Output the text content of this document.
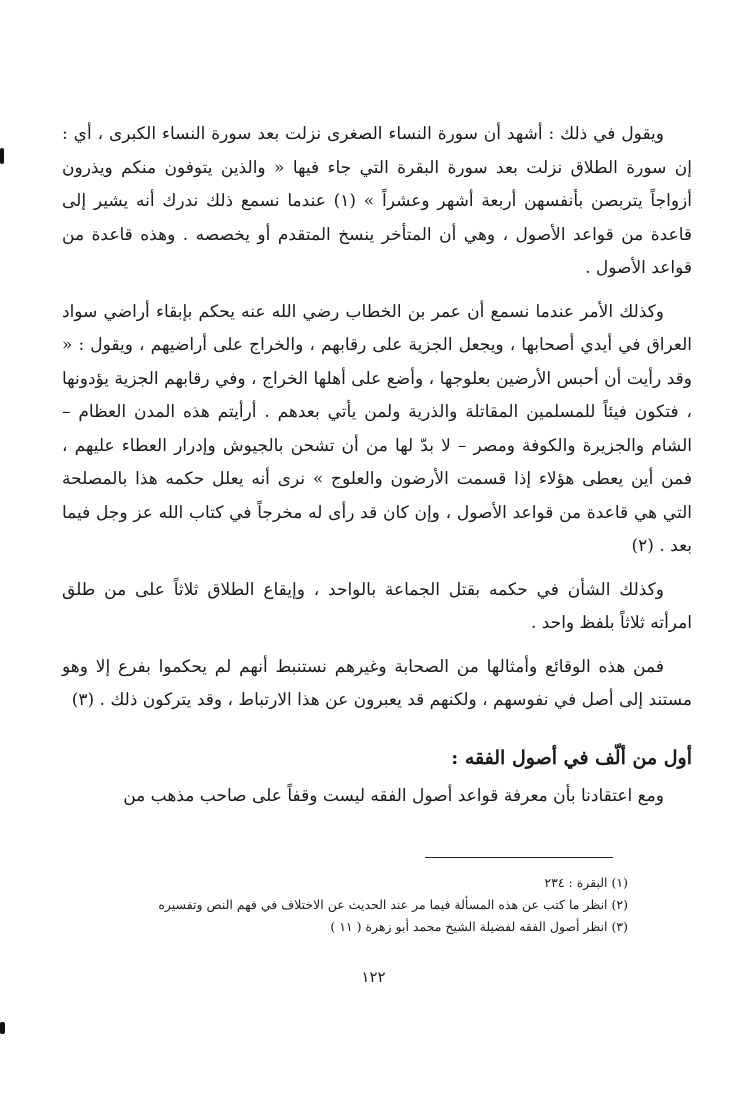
ويقول في ذلك : أشهد أن سورة النساء الصغرى نزلت بعد سورة النساء الكبرى ، أي : إن سورة الطلاق نزلت بعد سورة البقرة التي جاء فيها « والذين يتوفون منكم ويذرون أزواجاً يتربصن بأنفسهن أربعة أشهر وعشراً » (١) عندما نسمع ذلك ندرك أنه يشير إلى قاعدة من قواعد الأصول ، وهي أن المتأخر ينسخ المتقدم أو يخصصه . وهذه قاعدة من قواعد الأصول .

وكذلك الأمر عندما نسمع أن عمر بن الخطاب رضي الله عنه يحكم بإبقاء أراضي سواد العراق في أيدي أصحابها ، ويجعل الجزية على رقابهم ، والخراج على أراضيهم ، ويقول : « وقد رأيت أن أحبس الأرضين بعلوجها ، وأضع على أهلها الخراج ، وفي رقابهم الجزية يؤدونها ، فتكون فيئاً للمسلمين المقاتلة والذرية ولمن يأتي بعدهم . أرأيتم هذه المدن العظام – الشام والجزيرة والكوفة ومصر – لا بدّ لها من أن تشحن بالجيوش وإدرار العطاء عليهم ، فمن أين يعطى هؤلاء إذا قسمت الأرضون والعلوج » نرى أنه يعلل حكمه هذا بالمصلحة التي هي قاعدة من قواعد الأصول ، وإن كان قد رأى له مخرجاً في كتاب الله عز وجل فيما بعد . (٢)

وكذلك الشأن في حكمه بقتل الجماعة بالواحد ، وإيقاع الطلاق ثلاثاً على من طلق امرأته ثلاثاً بلفظ واحد .

فمن هذه الوقائع وأمثالها من الصحابة وغيرهم نستنبط أنهم لم يحكموا بفرع إلا وهو مستند إلى أصل في نفوسهم ، ولكنهم قد يعبرون عن هذا الارتباط ، وقد يتركون ذلك . (٣)

أول من ألّف في أصول الفقه :

ومع اعتقادنا بأن معرفة قواعد أصول الفقه ليست وقفاً على صاحب مذهب من

(١) البقرة : ٢٣٤

(٢) انظر ما كتب عن هذه المسألة فيما مر عند الحديث عن الاختلاف في فهم النص وتفسيره

(٣) انظر أصول الفقه لفضيلة الشيخ محمد أبو زهرة ( ١١ )

١٢٢
